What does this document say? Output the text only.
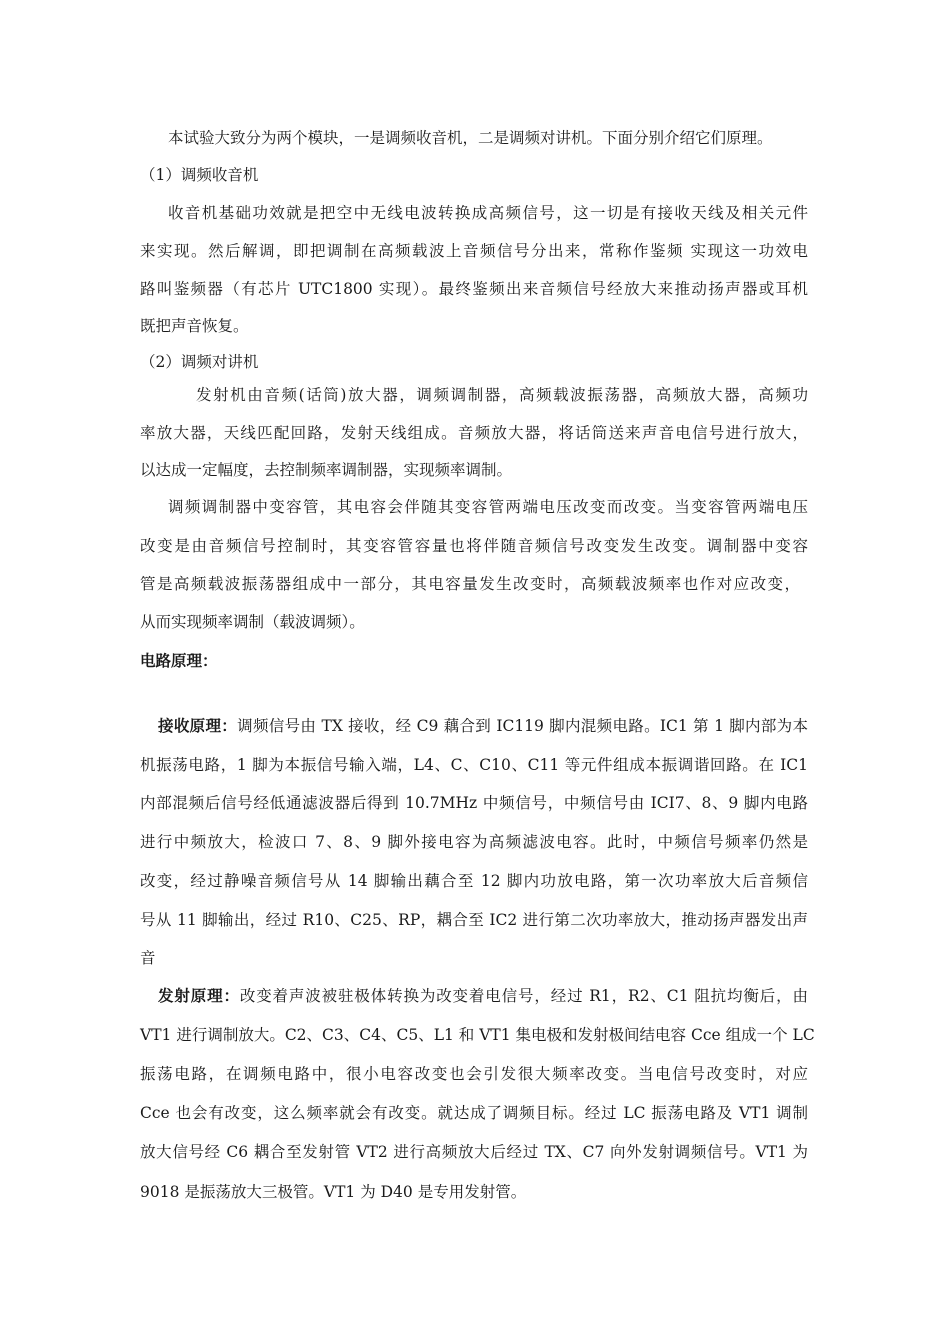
本试验大致分为两个模块，一是调频收音机，二是调频对讲机。下面分别介绍它们原理。
（1）调频收音机
收音机基础功效就是把空中无线电波转换成高频信号，这一切是有接收天线及相关元件
来实现。然后解调，即把调制在高频载波上音频信号分出来，常称作鉴频 实现这一功效电
路叫鉴频器（有芯片 UTC1800 实现）。最终鉴频出来音频信号经放大来推动扬声器或耳机
既把声音恢复。
（2）调频对讲机
发射机由音频(话筒)放大器，调频调制器，高频载波振荡器，高频放大器，高频功
率放大器，天线匹配回路，发射天线组成。音频放大器，将话筒送来声音电信号进行放大，
以达成一定幅度，去控制频率调制器，实现频率调制。
调频调制器中变容管，其电容会伴随其变容管两端电压改变而改变。当变容管两端电压
改变是由音频信号控制时，其变容管容量也将伴随音频信号改变发生改变。调制器中变容
管是高频载波振荡器组成中一部分，其电容量发生改变时，高频载波频率也作对应改变，
从而实现频率调制（载波调频）。
电路原理：
接收原理：调频信号由 TX 接收，经 C9 藕合到 IC119 脚内混频电路。IC1 第 1 脚内部为本
机振荡电路，1 脚为本振信号输入端，L4、C、C10、C11 等元件组成本振调谐回路。在 IC1
内部混频后信号经低通滤波器后得到 10.7MHz 中频信号，中频信号由 ICI7、8、9 脚内电路
进行中频放大，检波口 7、8、9 脚外接电容为高频滤波电容。此时，中频信号频率仍然是
改变，经过静噪音频信号从 14 脚输出藕合至 12 脚内功放电路，第一次功率放大后音频信
号从 11 脚输出，经过 R10、C25、RP，耦合至 IC2 进行第二次功率放大，推动扬声器发出声
音
发射原理：改变着声波被驻极体转换为改变着电信号，经过 R1，R2、C1 阻抗均衡后，由
VT1 进行调制放大。C2、C3、C4、C5、L1 和 VT1 集电极和发射极间结电容 Cce 组成一个 LC
振荡电路，在调频电路中，很小电容改变也会引发很大频率改变。当电信号改变时，对应
Cce 也会有改变，这么频率就会有改变。就达成了调频目标。经过 LC 振荡电路及 VT1 调制
放大信号经 C6 耦合至发射管 VT2 进行高频放大后经过 TX、C7 向外发射调频信号。VT1 为
9018 是振荡放大三极管。VT1 为 D40 是专用发射管。
